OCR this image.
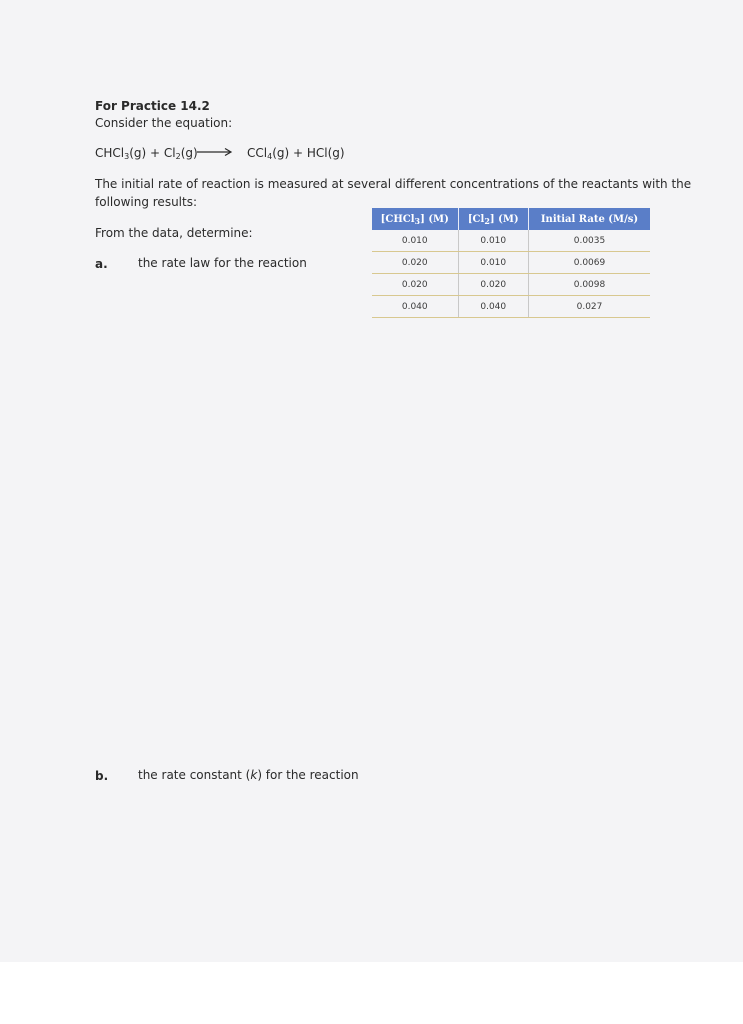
For Practice 14.2
Consider the equation:
CHCl$_3$(g) + $Cl_2(g) \to CCl_4(g) + HCl(g)$
The initial rate of reaction is measured at several different concentrations of the reactants with the
following results:
From the data, determine:
a.	the rate law for the reaction
b. the rate constant (k) for the reaction
[CHCl$_3$] (M)	$[Cl_2]$ (M)	Initial Rate (M/s)
0.010	0.010	0.0035
0.020	0.010	0.0069
0.020	0.020	0.0098
0.040	0.040	0.027
